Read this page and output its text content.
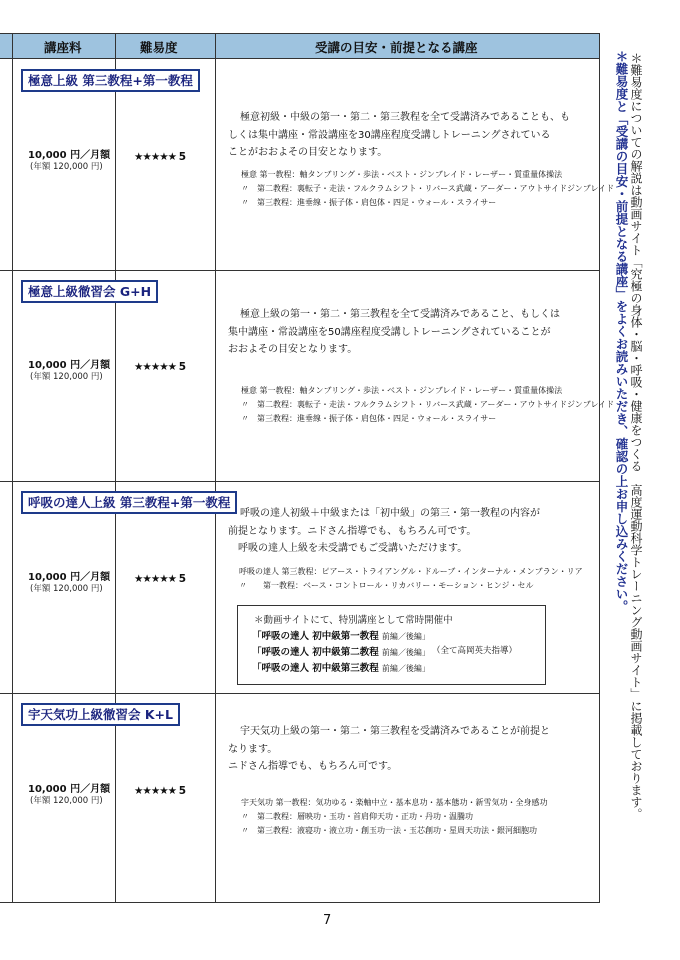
講座料	難易度	受講の目安・前提となる講座
極意上級 第三教程+第一教程
10,000 円／月額
(年額 120,000 円)
★★★★★ 5

極意初級・中級の第一・第二・第三教程を全て受講済みであることも、も

しくは集中講座・常設講座を30講座程度受講しトレーニングされている

ことがおおよその目安となります。

極意 第一教程：軸タンブリング・歩法・ベスト・ジンブレイド・レーザー・質重量体操法
〃　第二教程：裏転子・走法・フルクラムシフト・リバース武蔵・アーダー・アウトサイドジンブレイド
〃　第三教程：進垂線・振子体・肩包体・四足・ウォール・スライサー
極意上級徹習会 G+H
10,000 円／月額
(年額 120,000 円)
★★★★★ 5

極意上級の第一・第二・第三教程を全て受講済みであること、もしくは

集中講座・常設講座を50講座程度受講しトレーニングされていることが

おおよその目安となります。

極意 第一教程：軸タンブリング・歩法・ベスト・ジンブレイド・レーザー・質重量体操法
〃　第二教程：裏転子・走法・フルクラムシフト・リバース武蔵・アーダー・アウトサイドジンブレイド
〃　第三教程：進垂線・振子体・肩包体・四足・ウォール・スライサー
呼吸の達人上級 第三教程+第一教程
10,000 円／月額
(年額 120,000 円)
★★★★★ 5

呼吸の達人初級＋中級または「初中級」の第三・第一教程の内容が

前提となります。ニドさん指導でも、もちろん可です。

　呼吸の達人上級を未受講でもご受講いただけます。

呼吸の達人 第三教程：ピアース・トライアングル・ドルーブ・インターナル・メンブラン・リア
〃　　第一教程：ベース・コントロール・リカバリー・モーション・ヒンジ・セル
＊動画サイトにて、特別講座として常時開催中
「呼吸の達人 初中級第一教程 前編／後編」
「呼吸の達人 初中級第二教程 前編／後編」
「呼吸の達人 初中級第三教程 前編／後編」
（全て高岡英夫指導）
宇天気功上級徹習会 K+L
10,000 円／月額
(年額 120,000 円)
★★★★★ 5

宇天気功上級の第一・第二・第三教程を受講済みであることが前提と

なります。

ニドさん指導でも、もちろん可です。

宇天気功 第一教程：気功ゆる・楽軸中立・基本息功・基本態功・新雪気功・全身感功
〃　第二教程：層映功・玉功・首肩仰天功・正功・丹功・温騰功
〃　第三教程：液寝功・液立功・創玉功一法・玉芯創功・星周天功法・銀河細胞功
＊難易度と「受講の目安・前提となる講座」をよくお読みいただき、確認の上お申し込みください。 ＊難易度についての解説は動画サイト「究極の身体・脳・呼吸・健康をつくる　高度運動科学トレーニング動画サイト」に掲載しております。
7
